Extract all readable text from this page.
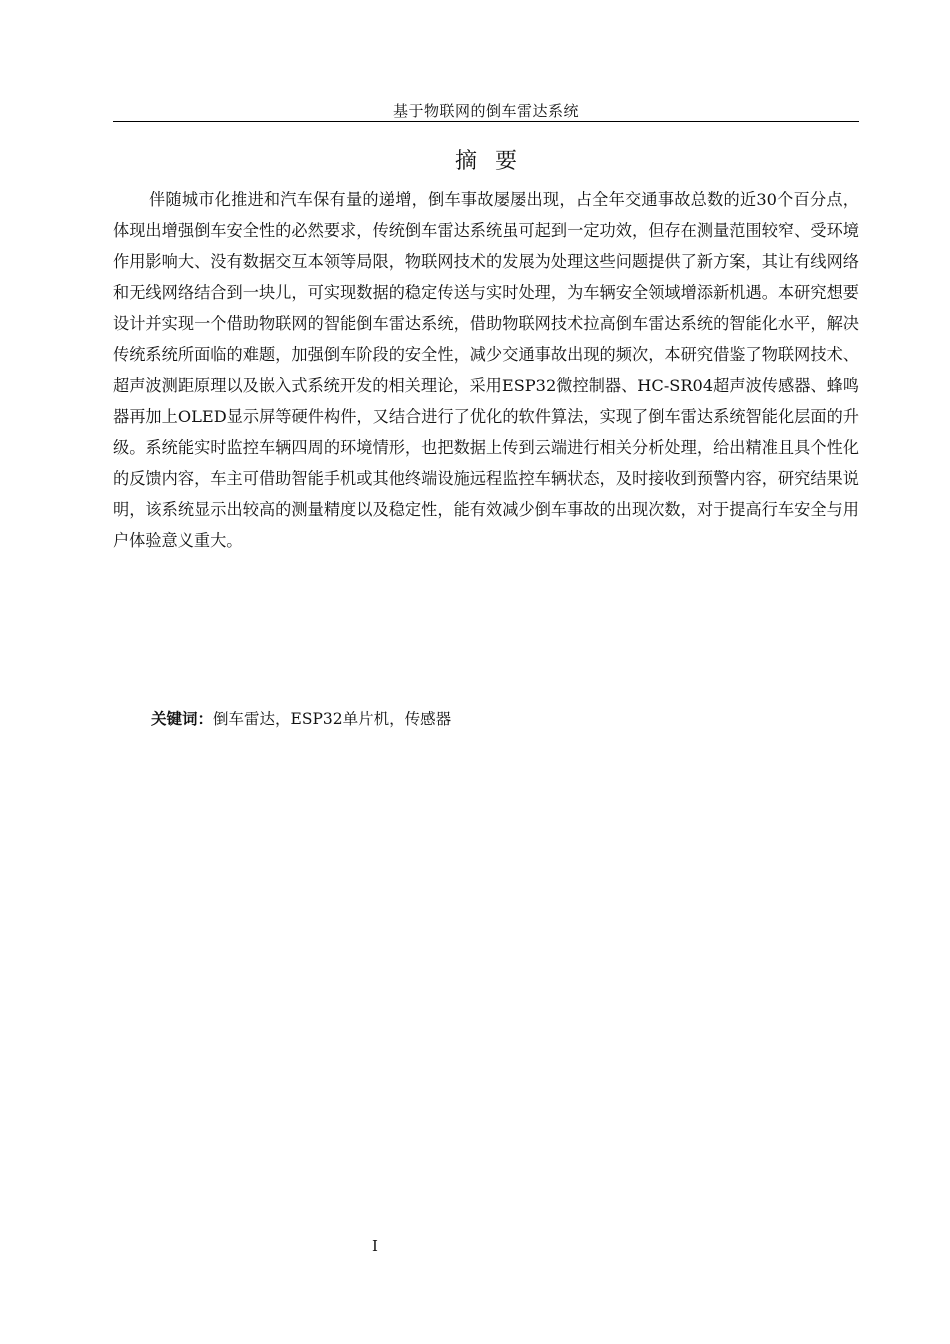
基于物联网的倒车雷达系统
摘要

伴随城市化推进和汽车保有量的递增，倒车事故屡屡出现，占全年交通事故总数的近30个百分点，体现出增强倒车安全性的必然要求，传统倒车雷达系统虽可起到一定功效，但存在测量范围较窄、受环境作用影响大、没有数据交互本领等局限，物联网技术的发展为处理这些问题提供了新方案，其让有线网络和无线网络结合到一块儿，可实现数据的稳定传送与实时处理，为车辆安全领域增添新机遇。本研究想要设计并实现一个借助物联网的智能倒车雷达系统，借助物联网技术拉高倒车雷达系统的智能化水平，解决传统系统所面临的难题，加强倒车阶段的安全性，减少交通事故出现的频次，本研究借鉴了物联网技术、超声波测距原理以及嵌入式系统开发的相关理论，采用ESP32微控制器、HC-SR04超声波传感器、蜂鸣器再加上OLED显示屏等硬件构件，又结合进行了优化的软件算法，实现了倒车雷达系统智能化层面的升级。系统能实时监控车辆四周的环境情形，也把数据上传到云端进行相关分析处理，给出精准且具个性化的反馈内容，车主可借助智能手机或其他终端设施远程监控车辆状态，及时接收到预警内容，研究结果说明，该系统显示出较高的测量精度以及稳定性，能有效减少倒车事故的出现次数，对于提高行车安全与用户体验意义重大。

关键词：倒车雷达，ESP32单片机，传感器
I
